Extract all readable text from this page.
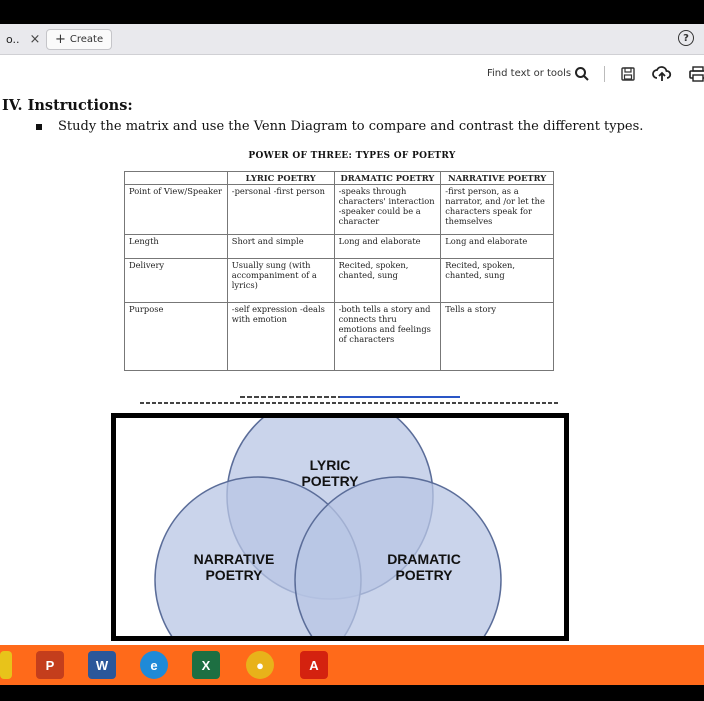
o.. × + Create	?
Find text or tools
IV. Instructions:
Study the matrix and use the Venn Diagram to compare and contrast the different types.
POWER OF THREE: TYPES OF POETRY
	LYRIC POETRY	DRAMATIC POETRY	NARRATIVE POETRY
Point of View/Speaker	-personal -first person	-speaks through characters' interaction -speaker could be a character	-first person, as a narrator, and /or let the characters speak for themselves
Length	Short and simple	Long and elaborate	Long and elaborate
Delivery	Usually sung (with accompaniment of a lyrics)	Recited, spoken, chanted, sung	Recited, spoken, chanted, sung
Purpose	-self expression -deals with emotion	-both tells a story and connects thru emotions and feelings of characters	Tells a story
LYRIC
POETRY
NARRATIVE
POETRY
DRAMATIC
POETRY
P	W	e	X	●	A
